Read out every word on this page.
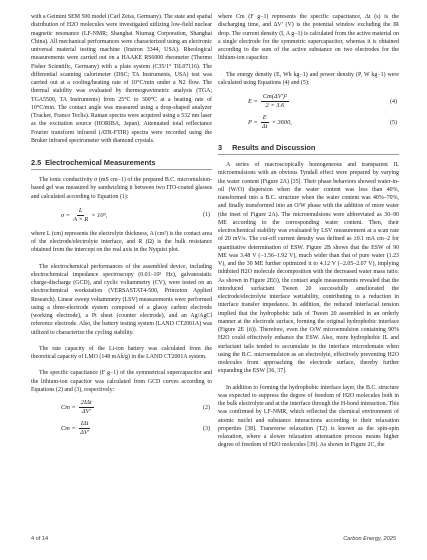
with a Geimini SEM 500 model (Carl Zeiss, Germany). The state and spatial distribution of H2O molecules were investigated utilizing low-field nuclear magnetic resonance (LF-NMR; Shanghai Niumag Corporation, Shanghai China). All mechanical performances were characterized using an electronic universal material testing machine (Instron 3344, USA). Rheological measurements were carried out on a HAAKE RS6000 rheometer (Thermo Fisher Scientific, Germany) with a plate system (C35/1° TiL07116). The differential scanning calorimeter (DSC; TA Instruments, USA) test was carried out at a cooling/heating rate of 10°C/min under a N2 flow. The thermal stability was evaluated by thermogravimetric analysis (TGA; TGA5500, TA Instruments) from 25°C to 300°C at a heating rate of 10°C/min. The contact angle was measured using a drop-shaped analyzer (Tracker, Franco Teclis). Raman spectra were acquired using a 532 nm laser as the excitation source (HORIBA, Japan). Attenuated total reflectance Fourier transform infrared (ATR-FTIR) spectra were recorded using the Bruker infrared spectrometer with diamond crystals.

2.5 Electrochemical Measurements

The ionic conductivity σ (mS cm−1) of the prepared B.C. micromulsion-based gel was measured by sandwiching it between two ITO-coated glasses and calculated according to Equation (1):

$\sigma = \frac{L}{A \times R} \times 10^3$,	(1)

where L (cm) represents the electrolyte thickness, A (cm²) is the contact area of the electrode/electrolyte interface, and R (Ω) is the bulk resistance obtained from the intercept on the real axis in the Nyquist plot.

The electrochemical performances of the assembled device, including electrochemical impedance spectroscopy (0.01–10⁵ Hz), galvanostatic charge-discharge (GCD), and cyclic voltammetry (CV), were tested on an electrochemical workstation (VERSASTAT4-500, Princeton Applied Research). Linear sweep voltammetry (LSV) measurements were performed using a three-electrode system composed of a glassy carbon electrode (working electrode), a Pt sheet (counter electrode), and an Ag/AgCl reference electrode. Also, the battery testing system (LAND CT2001A) was utilized to characterize the cycling stability.

The rate capacity of the Li-ion battery was calculated from the theoretical capacity of LMO (148 mAh/g) in the LAND CT2001A system.

The specific capacitance (F g−1) of the symmetrical supercapacitor and the lithium-ion capacitor was calculated from GCD curves according to Equations (2) and (3), respectively:

$Cm = \frac{\text{2IΔt}}{\Delta V'}$	(2)
$Cm = \frac{\text{IΔt}}{\Delta V'}$	(3)

where Cm (F g−1) represents the specific capacitance, Δt (s) is the discharging time, and ΔV′ (V) is the potential window excluding the IR drop. The current density (I, A g−1) is calculated from the active material on a single electrode for the symmetric supercapacitor, whereas it is obtained according to the sum of the active substance on two electrodes for the lithium-ion capacitor.

The energy density (E, Wh kg−1) and power density (P, W kg−1) were calculated using Equations (4) and (5):

$E = \frac{\text{Cm(ΔV′)²}}{2 \times 3.6}$	(4)
$P = \frac{E}{\Delta t} \times 3600$,	(5)
3 Results and Discussion

A series of macroscopically homogeneous and transparent IL microemulsions with an obvious Tyndall effect were prepared by varying the water content (Figure 2A) [35]. Their phase behaviors showed water-in-oil (W/O) dispersion when the water content was less than 40%, transformed into a B.C. structure when the water content was 40%–70%, and finally transformed into an O/W phase with the addition of more water (the inset of Figure 2A). The microemulsions were abbreviated as 30–90 ME according to the corresponding water content. Then, their electrochemical stability was evaluated by LSV measurement at a scan rate of 20 mV/s. The cut-off current density was defined as ±0.1 mA cm−2 for quantitative determination of ESW. Figure 2B shows that the ESW of 90 ME was 3.48 V (−1.56–1.92 V), much wider than that of pure water (1.23 V), and the 30 ME further optimized it to 4.12 V (−2.05–2.07 V), implying inhibited H2O molecule decomposition with the decreased water mass ratio. As shown in Figure 2E(i), the contact angle measurements revealed that the introduced surfactant Tween 20 successfully ameliorated the electrode/electrolyte interface wettability, contributing to a reduction in interface transfer impedance. In addition, the reduced interfacial tension implied that the hydrophobic tails of Tween 20 assembled in an orderly manner at the electrode surface, forming the original hydrophobic interface (Figure 2E (ii)). Therefore, even the O/W microemulsion containing 90% H2O could effectively enhance the ESW. Also, more hydrophobic IL and surfactant tails tended to accumulate in the interface microdomain when using the B.C. microemulsion as an electrolyte, effectively preventing H2O molecules from approaching the electrode surface, thereby further expanding the ESW [36, 37].

In addition to forming the hydrophobic interface layer, the B.C. structure was expected to suppress the degree of freedom of H2O molecules both in the bulk electrolyte and at the interface through the H-bond interaction. This was confirmed by LF-NMR, which reflected the chemical environment of atomic nuclei and substance interactions according to their relaxation properties [38]. Transverse relaxation (T2) is known as the spin-spin relaxation, where a slower relaxation attenuation process means higher degree of freedom of H2O molecules [39]. As shown in Figure 2C, the

4 of 14	Carbon Energy, 2025
